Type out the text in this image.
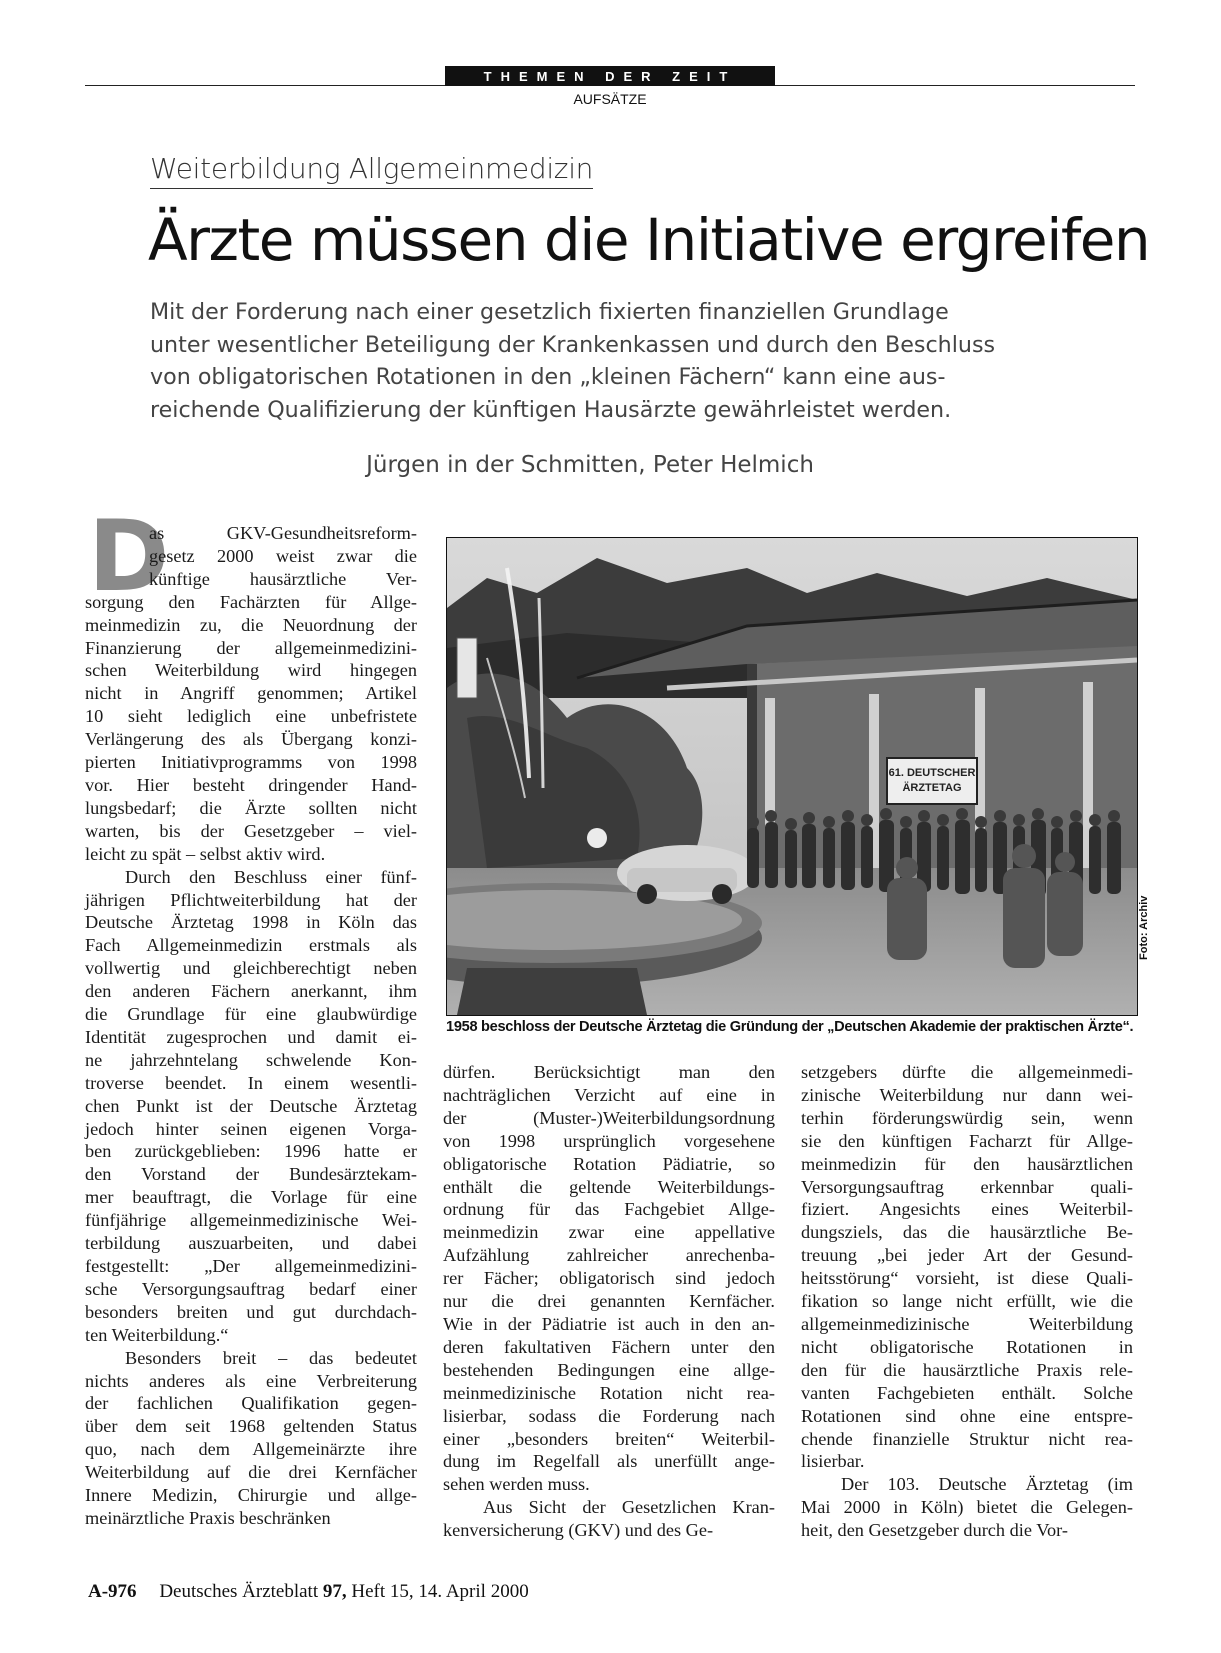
THEMEN DER ZEIT
AUFSÄTZE
Weiterbildung Allgemeinmedizin
Ärzte müssen die Initiative ergreifen
Mit der Forderung nach einer gesetzlich fixierten finanziellen Grundlage
unter wesentlicher Beteiligung der Krankenkassen und durch den Beschluss
von obligatorischen Rotationen in den „kleinen Fächern“ kann eine aus-
reichende Qualifizierung der künftigen Hausärzte gewährleistet werden.
Jürgen in der Schmitten, Peter Helmich
D
as GKV-Gesundheitsreform-
gesetz 2000 weist zwar die
künftige hausärztliche Ver-
sorgung den Fachärzten für Allge-
meinmedizin zu, die Neuordnung der
Finanzierung der allgemeinmedizini-
schen Weiterbildung wird hingegen
nicht in Angriff genommen; Artikel
10 sieht lediglich eine unbefristete
Verlängerung des als Übergang konzi-
pierten Initiativprogramms von 1998
vor. Hier besteht dringender Hand-
lungsbedarf; die Ärzte sollten nicht
warten, bis der Gesetzgeber – viel-
leicht zu spät – selbst aktiv wird.
Durch den Beschluss einer fünf-
jährigen Pflichtweiterbildung hat der
Deutsche Ärztetag 1998 in Köln das
Fach Allgemeinmedizin erstmals als
vollwertig und gleichberechtigt neben
den anderen Fächern anerkannt, ihm
die Grundlage für eine glaubwürdige
Identität zugesprochen und damit ei-
ne jahrzehntelang schwelende Kon-
troverse beendet. In einem wesentli-
chen Punkt ist der Deutsche Ärztetag
jedoch hinter seinen eigenen Vorga-
ben zurückgeblieben: 1996 hatte er
den Vorstand der Bundesärztekam-
mer beauftragt, die Vorlage für eine
fünfjährige allgemeinmedizinische Wei-
terbildung auszuarbeiten, und dabei
festgestellt: „Der allgemeinmedizini-
sche Versorgungsauftrag bedarf einer
besonders breiten und gut durchdach-
ten Weiterbildung.“
Besonders breit – das bedeutet
nichts anderes als eine Verbreiterung
der fachlichen Qualifikation gegen-
über dem seit 1968 geltenden Status
quo, nach dem Allgemeinärzte ihre
Weiterbildung auf die drei Kernfächer
Innere Medizin, Chirurgie und allge-
meinärztliche Praxis beschränken
dürfen. Berücksichtigt man den
nachträglichen Verzicht auf eine in
der (Muster-)Weiterbildungsordnung
von 1998 ursprünglich vorgesehene
obligatorische Rotation Pädiatrie, so
enthält die geltende Weiterbildungs-
ordnung für das Fachgebiet Allge-
meinmedizin zwar eine appellative
Aufzählung zahlreicher anrechenba-
rer Fächer; obligatorisch sind jedoch
nur die drei genannten Kernfächer.
Wie in der Pädiatrie ist auch in den an-
deren fakultativen Fächern unter den
bestehenden Bedingungen eine allge-
meinmedizinische Rotation nicht rea-
lisierbar, sodass die Forderung nach
einer „besonders breiten“ Weiterbil-
dung im Regelfall als unerfüllt ange-
sehen werden muss.
Aus Sicht der Gesetzlichen Kran-
kenversicherung (GKV) und des Ge-
setzgebers dürfte die allgemeinmedi-
zinische Weiterbildung nur dann wei-
terhin förderungswürdig sein, wenn
sie den künftigen Facharzt für Allge-
meinmedizin für den hausärztlichen
Versorgungsauftrag erkennbar quali-
fiziert. Angesichts eines Weiterbil-
dungsziels, das die hausärztliche Be-
treuung „bei jeder Art der Gesund-
heitsstörung“ vorsieht, ist diese Quali-
fikation so lange nicht erfüllt, wie die
allgemeinmedizinische Weiterbildung
nicht obligatorische Rotationen in
den für die hausärztliche Praxis rele-
vanten Fachgebieten enthält. Solche
Rotationen sind ohne eine entspre-
chende finanzielle Struktur nicht rea-
lisierbar.
Der 103. Deutsche Ärztetag (im
Mai 2000 in Köln) bietet die Gelegen-
heit, den Gesetzgeber durch die Vor-
61. DEUTSCHER
ÄRZTETAG
Foto: Archiv
1958 beschloss der Deutsche Ärztetag die Gründung der „Deutschen Akademie der praktischen Ärzte“.
A-976 Deutsches Ärzteblatt 97, Heft 15, 14. April 2000
